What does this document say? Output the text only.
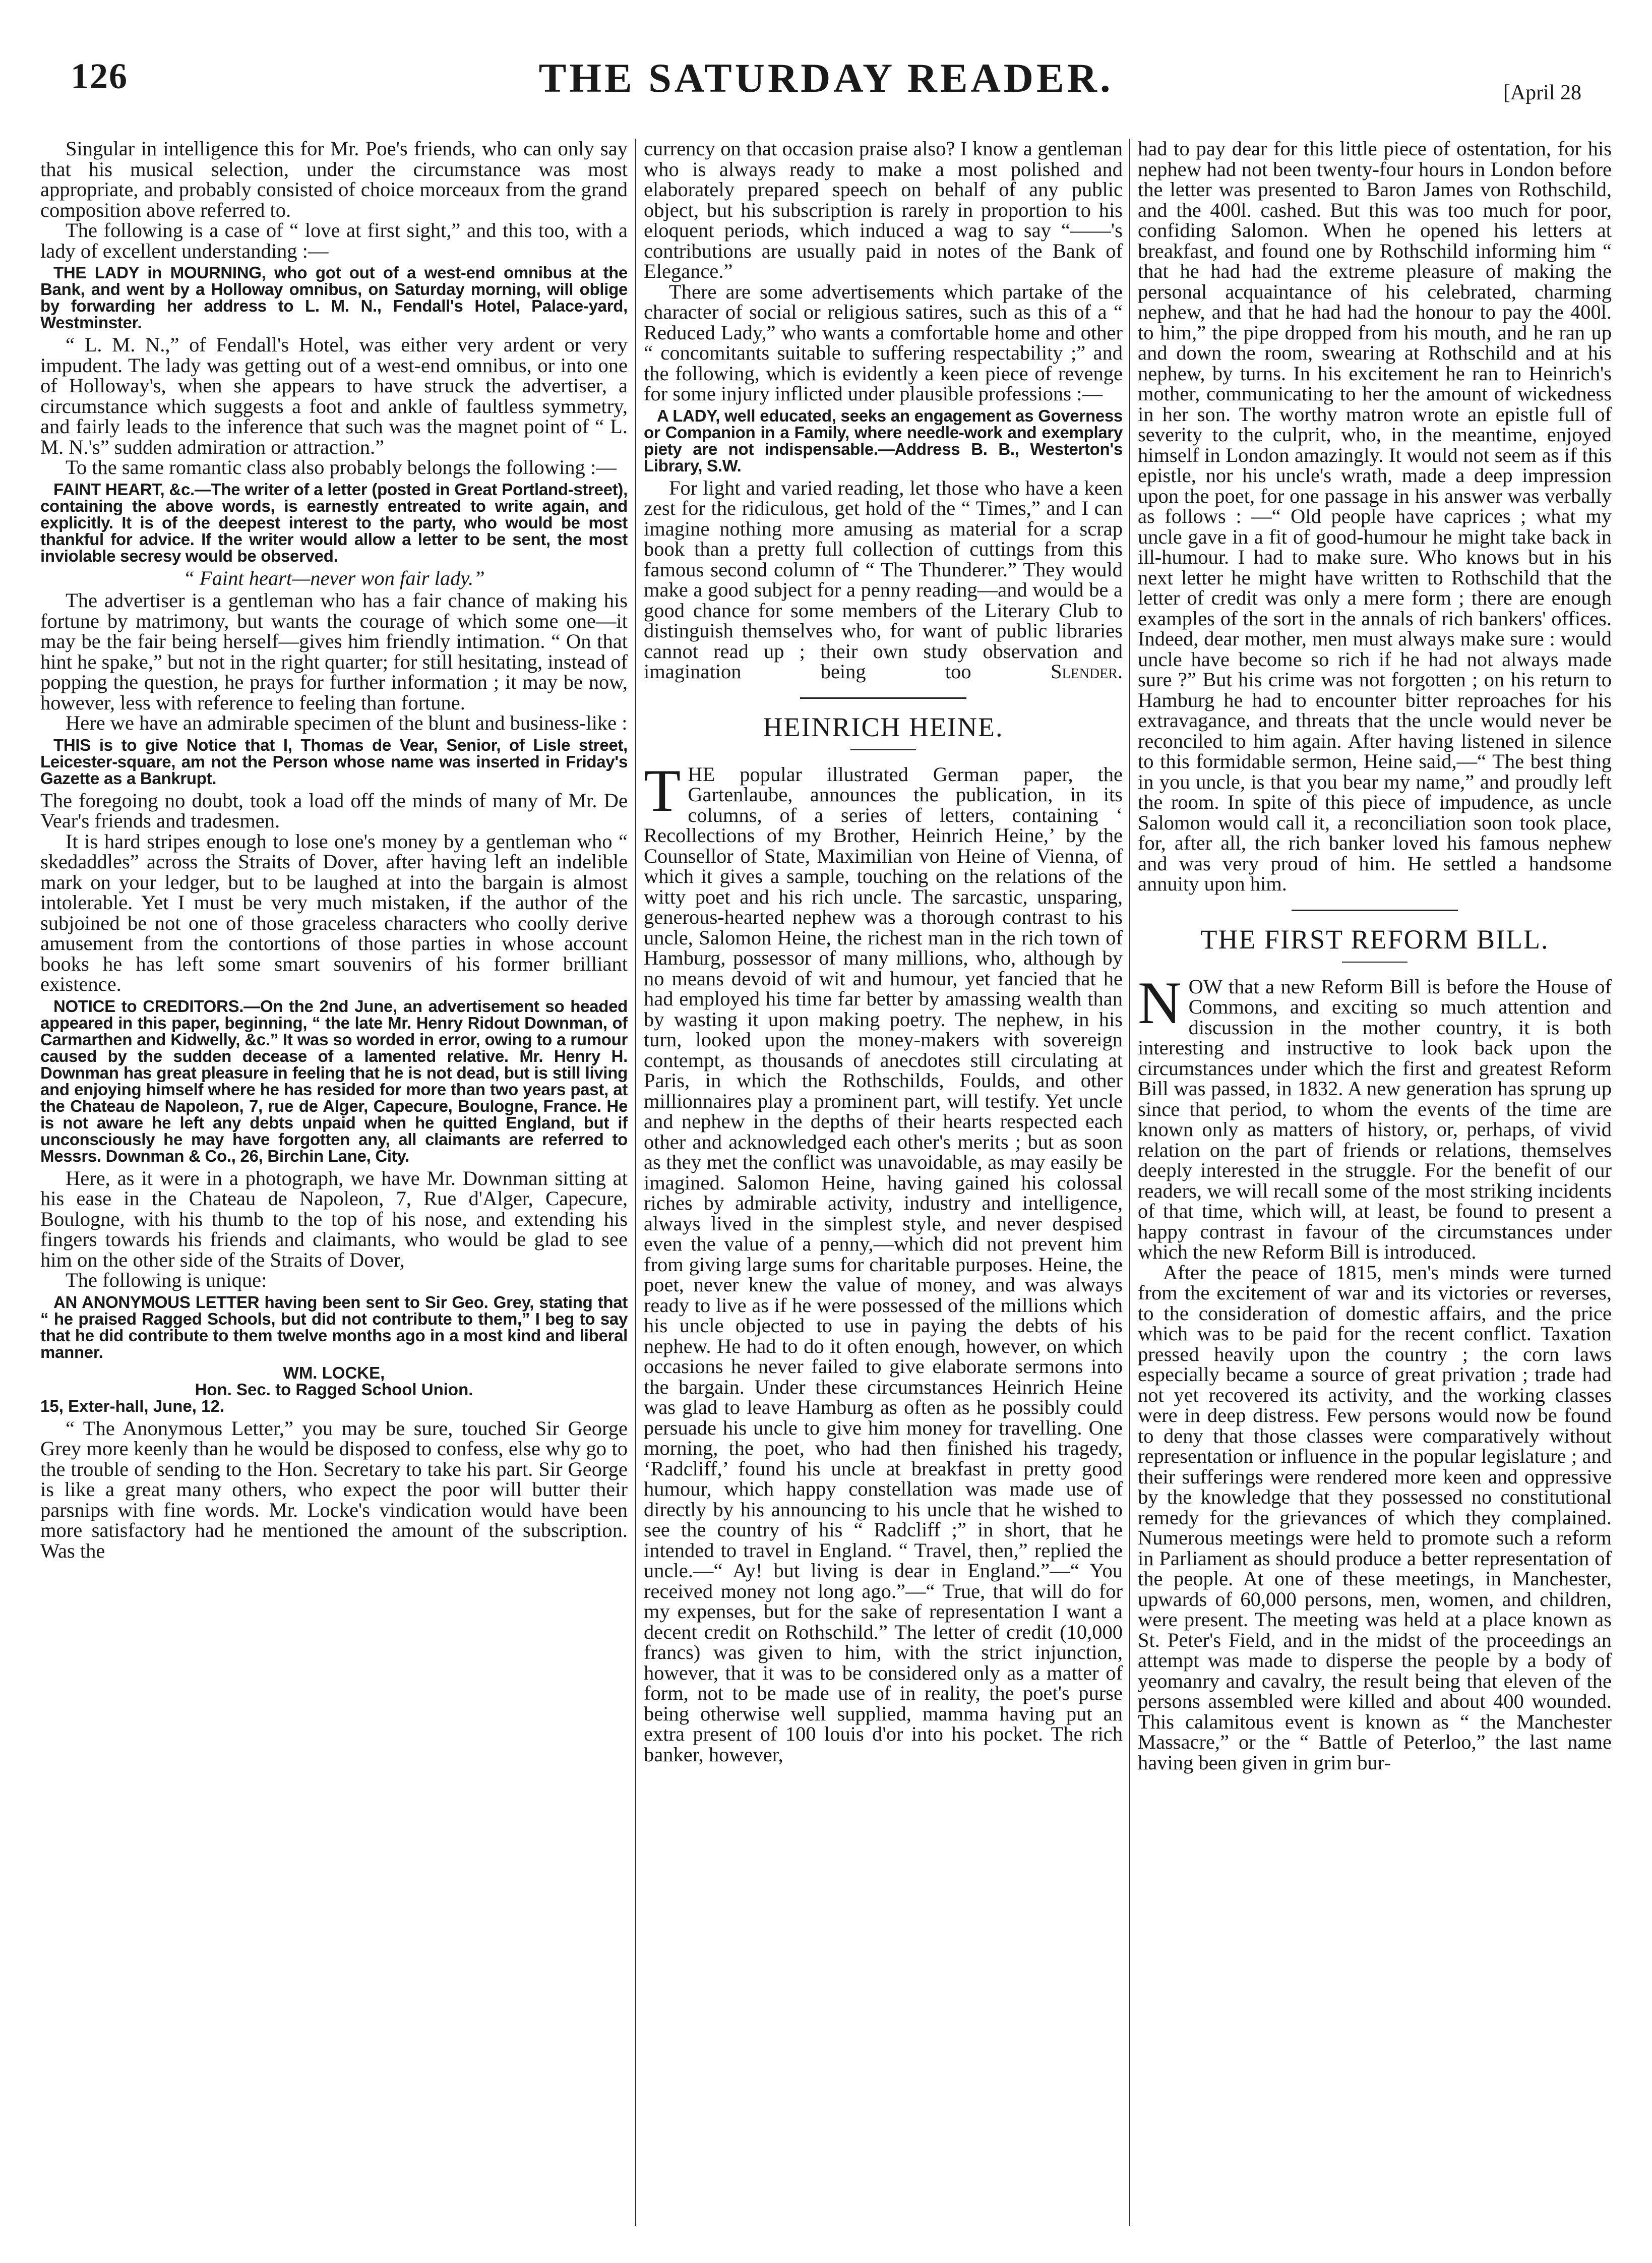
126	THE SATURDAY READER.	[April 28

Singular in intelligence this for Mr. Poe's friends, who can only say that his musical selection, under the circumstance was most appropriate, and probably consisted of choice morceaux from the grand composition above referred to.

The following is a case of “ love at first sight,” and this too, with a lady of excellent understanding :—

THE LADY in MOURNING, who got out of a west-end omnibus at the Bank, and went by a Holloway omnibus, on Saturday morning, will oblige by forwarding her address to L. M. N., Fendall's Hotel, Palace-yard, Westminster.

“ L. M. N.,” of Fendall's Hotel, was either very ardent or very impudent. The lady was getting out of a west-end omnibus, or into one of Holloway's, when she appears to have struck the advertiser, a circumstance which suggests a foot and ankle of faultless symmetry, and fairly leads to the inference that such was the magnet point of “ L. M. N.'s” sudden admiration or attraction.”

To the same romantic class also probably belongs the following :—

FAINT HEART, &c.—The writer of a letter (posted in Great Portland-street), containing the above words, is earnestly entreated to write again, and explicitly. It is of the deepest interest to the party, who would be most thankful for advice. If the writer would allow a letter to be sent, the most inviolable secresy would be observed.

“ Faint heart—never won fair lady.”

The advertiser is a gentleman who has a fair chance of making his fortune by matrimony, but wants the courage of which some one—it may be the fair being herself—gives him friendly intimation. “ On that hint he spake,” but not in the right quarter; for still hesitating, instead of popping the question, he prays for further information ; it may be now, however, less with reference to feeling than fortune.

Here we have an admirable specimen of the blunt and business-like :

THIS is to give Notice that I, Thomas de Vear, Senior, of Lisle street, Leicester-square, am not the Person whose name was inserted in Friday's Gazette as a Bankrupt.

The foregoing no doubt, took a load off the minds of many of Mr. De Vear's friends and tradesmen.

It is hard stripes enough to lose one's money by a gentleman who “ skedaddles” across the Straits of Dover, after having left an indelible mark on your ledger, but to be laughed at into the bargain is almost intolerable. Yet I must be very much mistaken, if the author of the subjoined be not one of those graceless characters who coolly derive amusement from the contortions of those parties in whose account books he has left some smart souvenirs of his former brilliant existence.

NOTICE to CREDITORS.—On the 2nd June, an advertisement so headed appeared in this paper, beginning, “ the late Mr. Henry Ridout Downman, of Carmarthen and Kidwelly, &c.” It was so worded in error, owing to a rumour caused by the sudden decease of a lamented relative. Mr. Henry H. Downman has great pleasure in feeling that he is not dead, but is still living and enjoying himself where he has resided for more than two years past, at the Chateau de Napoleon, 7, rue de Alger, Capecure, Boulogne, France. He is not aware he left any debts unpaid when he quitted England, but if unconsciously he may have forgotten any, all claimants are referred to Messrs. Downman & Co., 26, Birchin Lane, City.

Here, as it were in a photograph, we have Mr. Downman sitting at his ease in the Chateau de Napoleon, 7, Rue d'Alger, Capecure, Boulogne, with his thumb to the top of his nose, and extending his fingers towards his friends and claimants, who would be glad to see him on the other side of the Straits of Dover,

The following is unique:

AN ANONYMOUS LETTER having been sent to Sir Geo. Grey, stating that “ he praised Ragged Schools, but did not contribute to them,” I beg to say that he did contribute to them twelve months ago in a most kind and liberal manner.

WM. LOCKE,

Hon. Sec. to Ragged School Union.

15, Exter-hall, June, 12.

“ The Anonymous Letter,” you may be sure, touched Sir George Grey more keenly than he would be disposed to confess, else why go to the trouble of sending to the Hon. Secretary to take his part. Sir George is like a great many others, who expect the poor will butter their parsnips with fine words. Mr. Locke's vindication would have been more satisfactory had he mentioned the amount of the subscription. Was the

currency on that occasion praise also? I know a gentleman who is always ready to make a most polished and elaborately prepared speech on behalf of any public object, but his subscription is rarely in proportion to his eloquent periods, which induced a wag to say “——'s contributions are usually paid in notes of the Bank of Elegance.”

There are some advertisements which partake of the character of social or religious satires, such as this of a “ Reduced Lady,” who wants a comfortable home and other “ concomitants suitable to suffering respectability ;” and the following, which is evidently a keen piece of revenge for some injury inflicted under plausible professions :—

A LADY, well educated, seeks an engagement as Governess or Companion in a Family, where needle-work and exemplary piety are not indispensable.—Address B. B., Westerton's Library, S.W.

For light and varied reading, let those who have a keen zest for the ridiculous, get hold of the “ Times,” and I can imagine nothing more amusing as material for a scrap book than a pretty full collection of cuttings from this famous second column of “ The Thunderer.” They would make a good subject for a penny reading—and would be a good chance for some members of the Literary Club to distinguish themselves who, for want of public libraries cannot read up ; their own study observation and imagination being too	Slender.

HEINRICH HEINE.

THE popular illustrated German paper, the Gartenlaube, announces the publication, in its columns, of a series of letters, containing ‘ Recollections of my Brother, Heinrich Heine,’ by the Counsellor of State, Maximilian von Heine of Vienna, of which it gives a sample, touching on the relations of the witty poet and his rich uncle. The sarcastic, unsparing, generous-hearted nephew was a thorough contrast to his uncle, Salomon Heine, the richest man in the rich town of Hamburg, possessor of many millions, who, although by no means devoid of wit and humour, yet fancied that he had employed his time far better by amassing wealth than by wasting it upon making poetry. The nephew, in his turn, looked upon the money-makers with sovereign contempt, as thousands of anecdotes still circulating at Paris, in which the Rothschilds, Foulds, and other millionnaires play a prominent part, will testify. Yet uncle and nephew in the depths of their hearts respected each other and acknowledged each other's merits ; but as soon as they met the conflict was unavoidable, as may easily be imagined. Salomon Heine, having gained his colossal riches by admirable activity, industry and intelligence, always lived in the simplest style, and never despised even the value of a penny,—which did not prevent him from giving large sums for charitable purposes. Heine, the poet, never knew the value of money, and was always ready to live as if he were possessed of the millions which his uncle objected to use in paying the debts of his nephew. He had to do it often enough, however, on which occasions he never failed to give elaborate sermons into the bargain. Under these circumstances Heinrich Heine was glad to leave Hamburg as often as he possibly could persuade his uncle to give him money for travelling. One morning, the poet, who had then finished his tragedy, ‘Radcliff,’ found his uncle at breakfast in pretty good humour, which happy constellation was made use of directly by his announcing to his uncle that he wished to see the country of his “ Radcliff ;” in short, that he intended to travel in England. “ Travel, then,” replied the uncle.—“ Ay! but living is dear in England.”—“ You received money not long ago.”—“ True, that will do for my expenses, but for the sake of representation I want a decent credit on Rothschild.” The letter of credit (10,000 francs) was given to him, with the strict injunction, however, that it was to be considered only as a matter of form, not to be made use of in reality, the poet's purse being otherwise well supplied, mamma having put an extra present of 100 louis d'or into his pocket. The rich banker, however,

had to pay dear for this little piece of ostentation, for his nephew had not been twenty-four hours in London before the letter was presented to Baron James von Rothschild, and the 400l. cashed. But this was too much for poor, confiding Salomon. When he opened his letters at breakfast, and found one by Rothschild informing him “ that he had had the extreme pleasure of making the personal acquaintance of his celebrated, charming nephew, and that he had had the honour to pay the 400l. to him,” the pipe dropped from his mouth, and he ran up and down the room, swearing at Rothschild and at his nephew, by turns. In his excitement he ran to Heinrich's mother, communicating to her the amount of wickedness in her son. The worthy matron wrote an epistle full of severity to the culprit, who, in the meantime, enjoyed himself in London amazingly. It would not seem as if this epistle, nor his uncle's wrath, made a deep impression upon the poet, for one passage in his answer was verbally as follows : —“ Old people have caprices ; what my uncle gave in a fit of good-humour he might take back in ill-humour. I had to make sure. Who knows but in his next letter he might have written to Rothschild that the letter of credit was only a mere form ; there are enough examples of the sort in the annals of rich bankers' offices. Indeed, dear mother, men must always make sure : would uncle have become so rich if he had not always made sure ?” But his crime was not forgotten ; on his return to Hamburg he had to encounter bitter reproaches for his extravagance, and threats that the uncle would never be reconciled to him again. After having listened in silence to this formidable sermon, Heine said,—“ The best thing in you uncle, is that you bear my name,” and proudly left the room. In spite of this piece of impudence, as uncle Salomon would call it, a reconciliation soon took place, for, after all, the rich banker loved his famous nephew and was very proud of him. He settled a handsome annuity upon him.

THE FIRST REFORM BILL.

NOW that a new Reform Bill is before the House of Commons, and exciting so much attention and discussion in the mother country, it is both interesting and instructive to look back upon the circumstances under which the first and greatest Reform Bill was passed, in 1832. A new generation has sprung up since that period, to whom the events of the time are known only as matters of history, or, perhaps, of vivid relation on the part of friends or relations, themselves deeply interested in the struggle. For the benefit of our readers, we will recall some of the most striking incidents of that time, which will, at least, be found to present a happy contrast in favour of the circumstances under which the new Reform Bill is introduced.

After the peace of 1815, men's minds were turned from the excitement of war and its victories or reverses, to the consideration of domestic affairs, and the price which was to be paid for the recent conflict. Taxation pressed heavily upon the country ; the corn laws especially became a source of great privation ; trade had not yet recovered its activity, and the working classes were in deep distress. Few persons would now be found to deny that those classes were comparatively without representation or influence in the popular legislature ; and their sufferings were rendered more keen and oppressive by the knowledge that they possessed no constitutional remedy for the grievances of which they complained. Numerous meetings were held to promote such a reform in Parliament as should produce a better representation of the people. At one of these meetings, in Manchester, upwards of 60,000 persons, men, women, and children, were present. The meeting was held at a place known as St. Peter's Field, and in the midst of the proceedings an attempt was made to disperse the people by a body of yeomanry and cavalry, the result being that eleven of the persons assembled were killed and about 400 wounded. This calamitous event is known as “ the Manchester Massacre,” or the “ Battle of Peterloo,” the last name having been given in grim bur-
